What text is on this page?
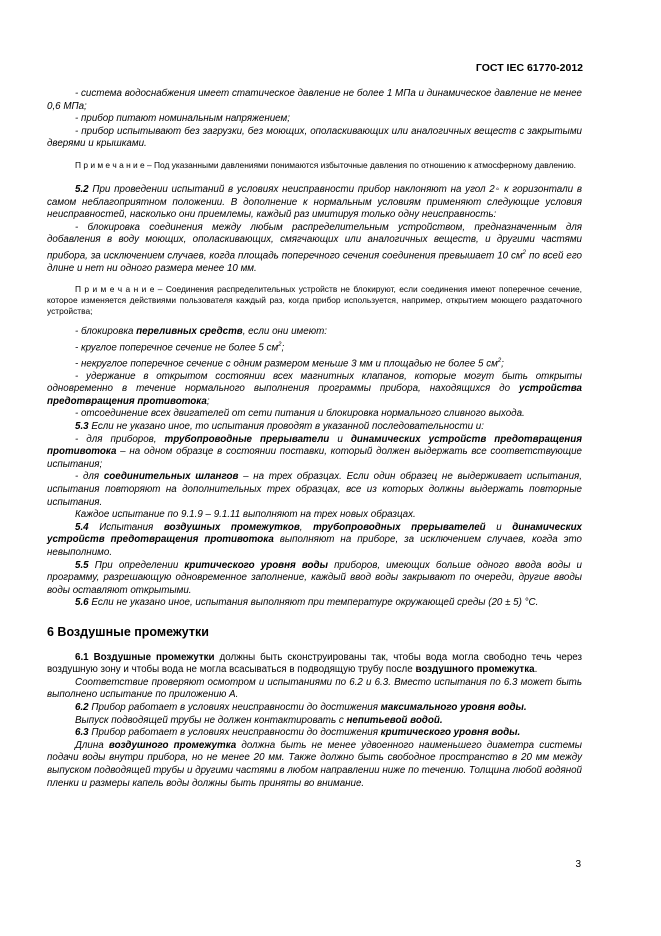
ГОСТ IEC 61770-2012

- система водоснабжения имеет статическое давление не более 1 МПа и динамическое давление не менее 0,6 МПа;

- прибор питают номинальным напряжением;

- прибор испытывают без загрузки, без моющих, ополаскивающих или аналогичных веществ с закрытыми дверями и крышками.

П р и м е ч а н и е – Под указанными давлениями понимаются избыточные давления по отношению к атмосферному давлению.

5.2 При проведении испытаний в условиях неисправности прибор наклоняют на угол 2◦ к горизонтали в самом неблагоприятном положении. В дополнение к нормальным условиям применяют следующие условия неисправностей, насколько они приемлемы, каждый раз имитируя только одну неисправность:

- блокировка соединения между любым распределительным устройством, предназначенным для добавления в воду моющих, ополаскивающих, смягчающих или аналогичных веществ, и другими частями прибора, за исключением случаев, когда площадь поперечного сечения соединения превышает 10 $см^2$ по всей его длине и нет ни одного размера менее 10 мм.

П р и м е ч а н и е – Соединения распределительных устройств не блокируют, если соединения имеют поперечное сечение, которое изменяется действиями пользователя каждый раз, когда прибор используется, например, открытием моющего раздаточного устройства;

- блокировка переливных средств, если они имеют:

- круглое поперечное сечение не более 5 $см^2$;

- некруглое поперечное сечение с одним размером меньше 3 мм и площадью не более 5 $см^2$;

- удержание в открытом состоянии всех магнитных клапанов, которые могут быть открыты одновременно в течение нормального выполнения программы прибора, находящихся до устройства предотвращения противотока;

- отсоединение всех двигателей от сети питания и блокировка нормального сливного выхода.

5.3 Если не указано иное, то испытания проводят в указанной последовательности и:

- для приборов, трубопроводные прерыватели и динамических устройств предотвращения противотока – на одном образце в состоянии поставки, который должен выдержать все соответствующие испытания;

- для соединительных шлангов – на трех образцах. Если один образец не выдерживает испытания, испытания повторяют на дополнительных трех образцах, все из которых должны выдержать повторные испытания.

Каждое испытание по 9.1.9 – 9.1.11 выполняют на трех новых образцах.

5.4 Испытания воздушных промежутков, трубопроводных прерывателей и динамических устройств предотвращения противотока выполняют на приборе, за исключением случаев, когда это невыполнимо.

5.5 При определении критического уровня воды приборов, имеющих больше одного ввода воды и программу, разрешающую одновременное заполнение, каждый ввод воды закрывают по очереди, другие вводы воды оставляют открытыми.

5.6 Если не указано иное, испытания выполняют при температуре окружающей среды (20 ± 5) °С.

6 Воздушные промежутки

6.1 Воздушные промежутки должны быть сконструированы так, чтобы вода могла свободно течь через воздушную зону и чтобы вода не могла всасываться в подводящую трубу после воздушного промежутка.

Соответствие проверяют осмотром и испытаниями по 6.2 и 6.3. Вместо испытания по 6.3 может быть выполнено испытание по приложению А.

6.2 Прибор работает в условиях неисправности до достижения максимального уровня воды.

Выпуск подводящей трубы не должен контактировать с непитьевой водой.

6.3 Прибор работает в условиях неисправности до достижения критического уровня воды.

Длина воздушного промежутка должна быть не менее удвоенного наименьшего диаметра системы подачи воды внутри прибора, но не менее 20 мм. Также должно быть свободное пространство в 20 мм между выпуском подводящей трубы и другими частями в любом направлении ниже по течению. Толщина любой водяной пленки и размеры капель воды должны быть приняты во внимание.

3
